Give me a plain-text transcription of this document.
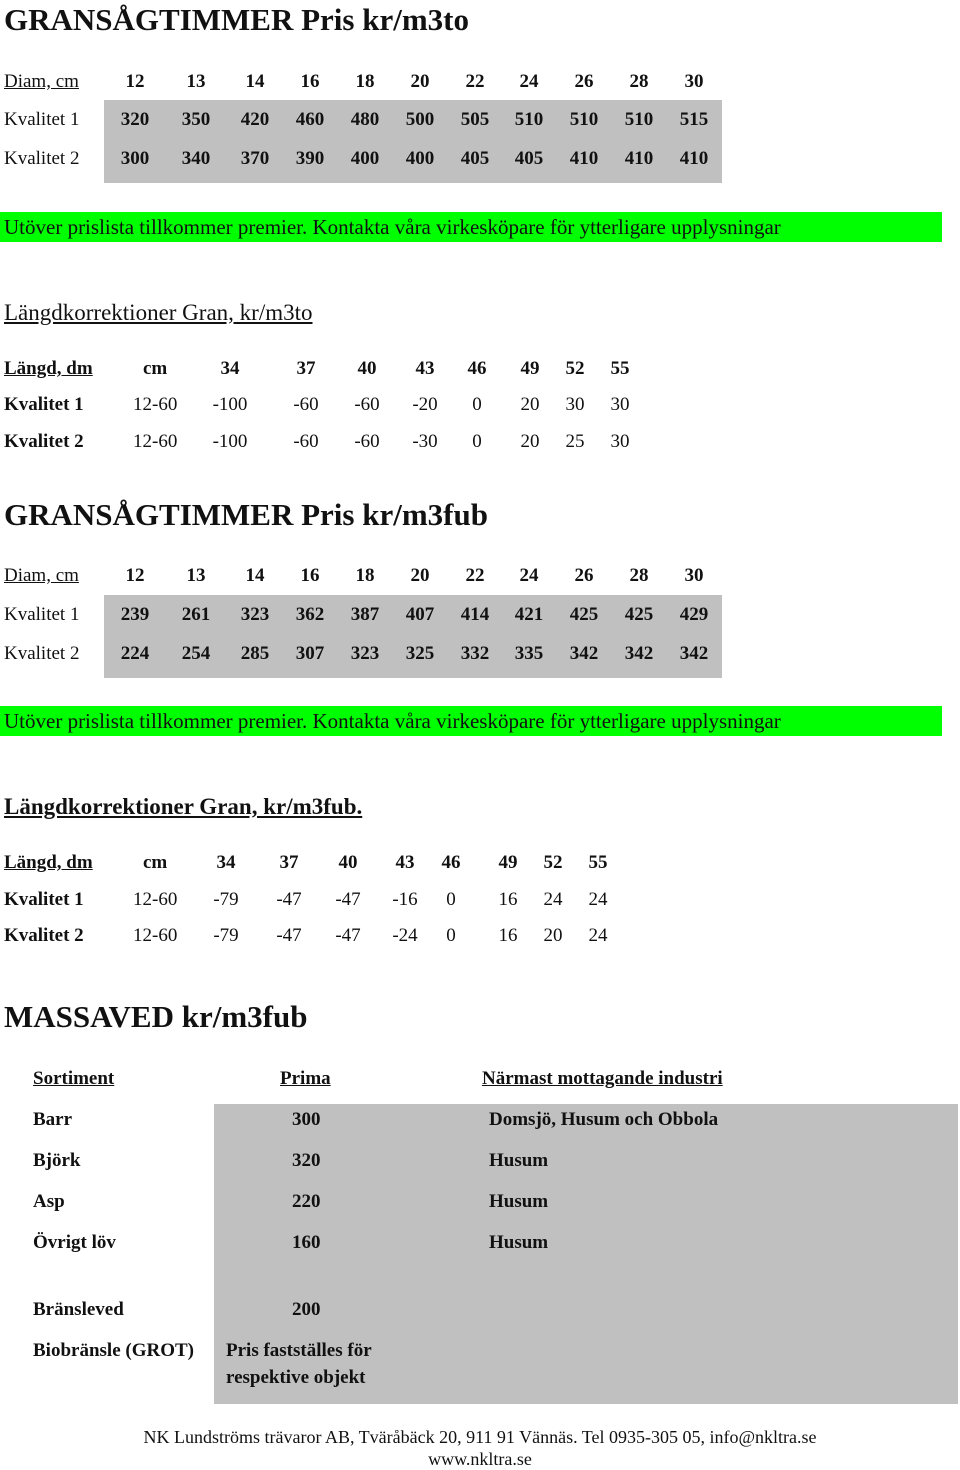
GRANSÅGTIMMER Pris kr/m3to
Diam, cm	12	13	14	16	18	20	22	24	26	28	30
Kvalitet 1	320	350	420	460	480	500	505	510	510	510	515
Kvalitet 2	300	340	370	390	400	400	405	405	410	410	410
Utöver prislista tillkommer premier. Kontakta våra virkesköpare för ytterligare upplysningar
Längdkorrektioner Gran, kr/m3to
Längd, dm	cm	34	37	40	43	46	49	52	55
Kvalitet 1	12-60	-100	-60	-60	-20	0	20	30	30
Kvalitet 2	12-60	-100	-60	-60	-30	0	20	25	30
GRANSÅGTIMMER Pris kr/m3fub
Diam, cm	12	13	14	16	18	20	22	24	26	28	30
Kvalitet 1	239	261	323	362	387	407	414	421	425	425	429
Kvalitet 2	224	254	285	307	323	325	332	335	342	342	342
Utöver prislista tillkommer premier. Kontakta våra virkesköpare för ytterligare upplysningar
Längdkorrektioner Gran, kr/m3fub.
Längd, dm	cm	34	37	40	43	46	49	52	55
Kvalitet 1	12-60	-79	-47	-47	-16	0	16	24	24
Kvalitet 2	12-60	-79	-47	-47	-24	0	16	20	24
MASSAVED kr/m3fub
Sortiment	Prima	Närmast mottagande industri
Barr	300	Domsjö, Husum och Obbola
Björk	320	Husum
Asp	220	Husum
Övrigt löv	160	Husum
Bränsleved	200
Biobränsle (GROT) Pris fastställes för
respektive objekt
NK Lundströms trävaror AB, Tväråbäck 20, 911 91 Vännäs. Tel 0935-305 05, info@nkltra.se
www.nkltra.se
